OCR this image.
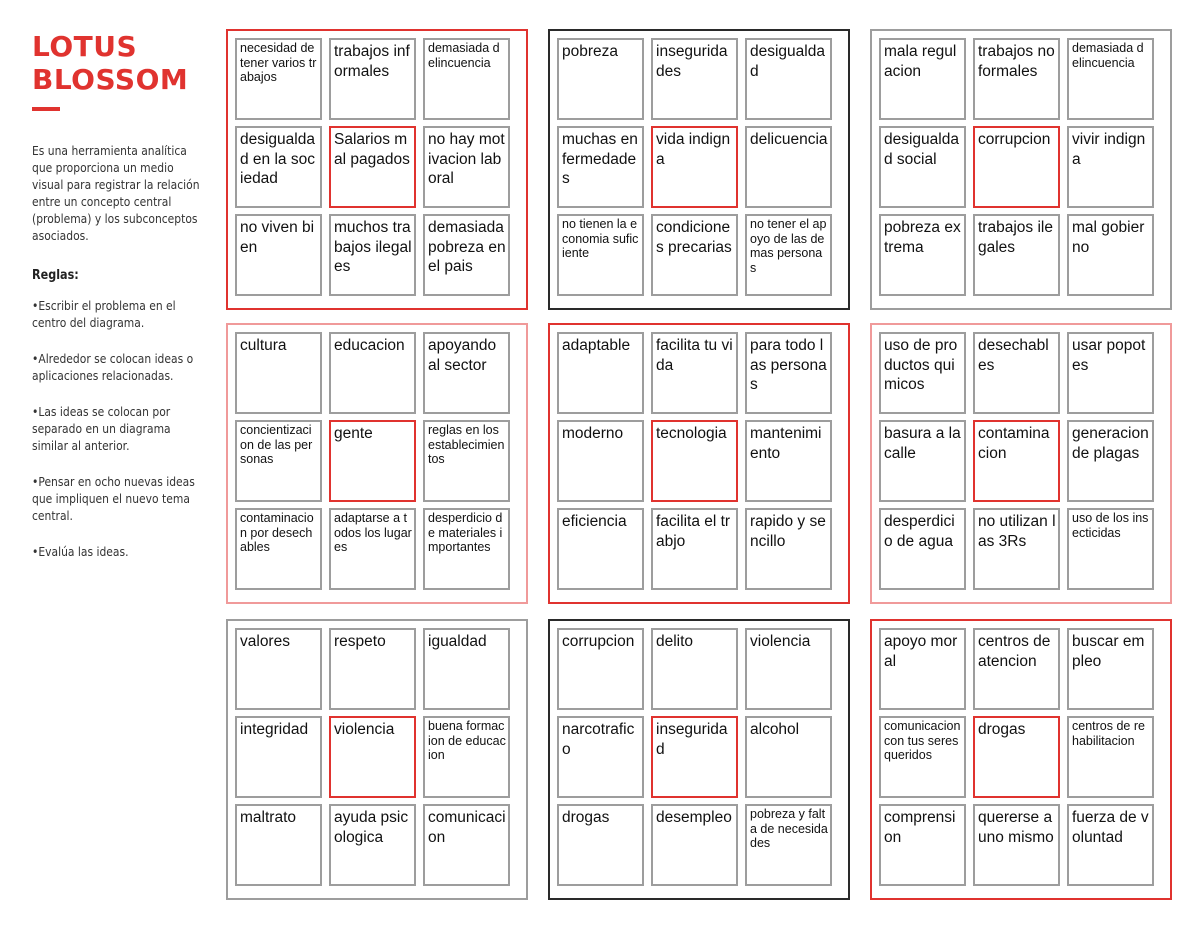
LOTUS
BLOSSOM
Es una herramienta analítica que proporciona un medio visual para registrar la relación entre un concepto central (problema) y los subconceptos asociados.
Reglas:
•Escribir el problema en el centro del diagrama.
•Alrededor se colocan ideas o aplicaciones relacionadas.
•Las ideas se colocan por separado en un diagrama similar al anterior.
•Pensar en ocho nuevas ideas que impliquen el nuevo tema central.
•Evalúa las ideas.
necesidad de tener varios trabajos
trabajos informales
demasiada delincuencia
desigualdad en la sociedad
Salarios mal pagados
no hay motivacion laboral
no viven bien
muchos trabajos ilegales
demasiada pobreza en el pais
pobreza	inseguridades
desigualdad
muchas enfermedades
vida indigna
delicuencia
no tienen la economia suficiente
condiciones precarias
no tener el apoyo de las demas personas
mala regulacion
trabajos no formales
demasiada delincuencia
desigualdad social
corrupcion	vivir indigna
pobreza extrema
trabajos ilegales
mal gobierno
cultura	educacion	apoyando al sector
concientizacion de las personas
gente	reglas en los establecimientos
contaminacion por desechables
adaptarse a todos los lugares
desperdicio de materiales importantes
adaptable	facilita tu vida
para todo las personas
moderno	tecnologia	mantenimiento
eficiencia	facilita el trabjo
rapido y sencillo
uso de productos quimicos
desechables
usar popotes
basura a la calle
contaminacion
generacion de plagas
desperdicio de agua
no utilizan las 3Rs
uso de los insecticidas
valores	respeto	igualdad
integridad	violencia	buena formacion de educacion
maltrato	ayuda psicologica
comunicacion
corrupcion	delito	violencia
narcotrafico
inseguridad
alcohol
drogas	desempleo	pobreza y falta de necesidades
apoyo moral
centros de atencion
buscar empleo
comunicacion con tus seres queridos
drogas	centros de rehabilitacion
comprension
quererse a uno mismo
fuerza de voluntad
